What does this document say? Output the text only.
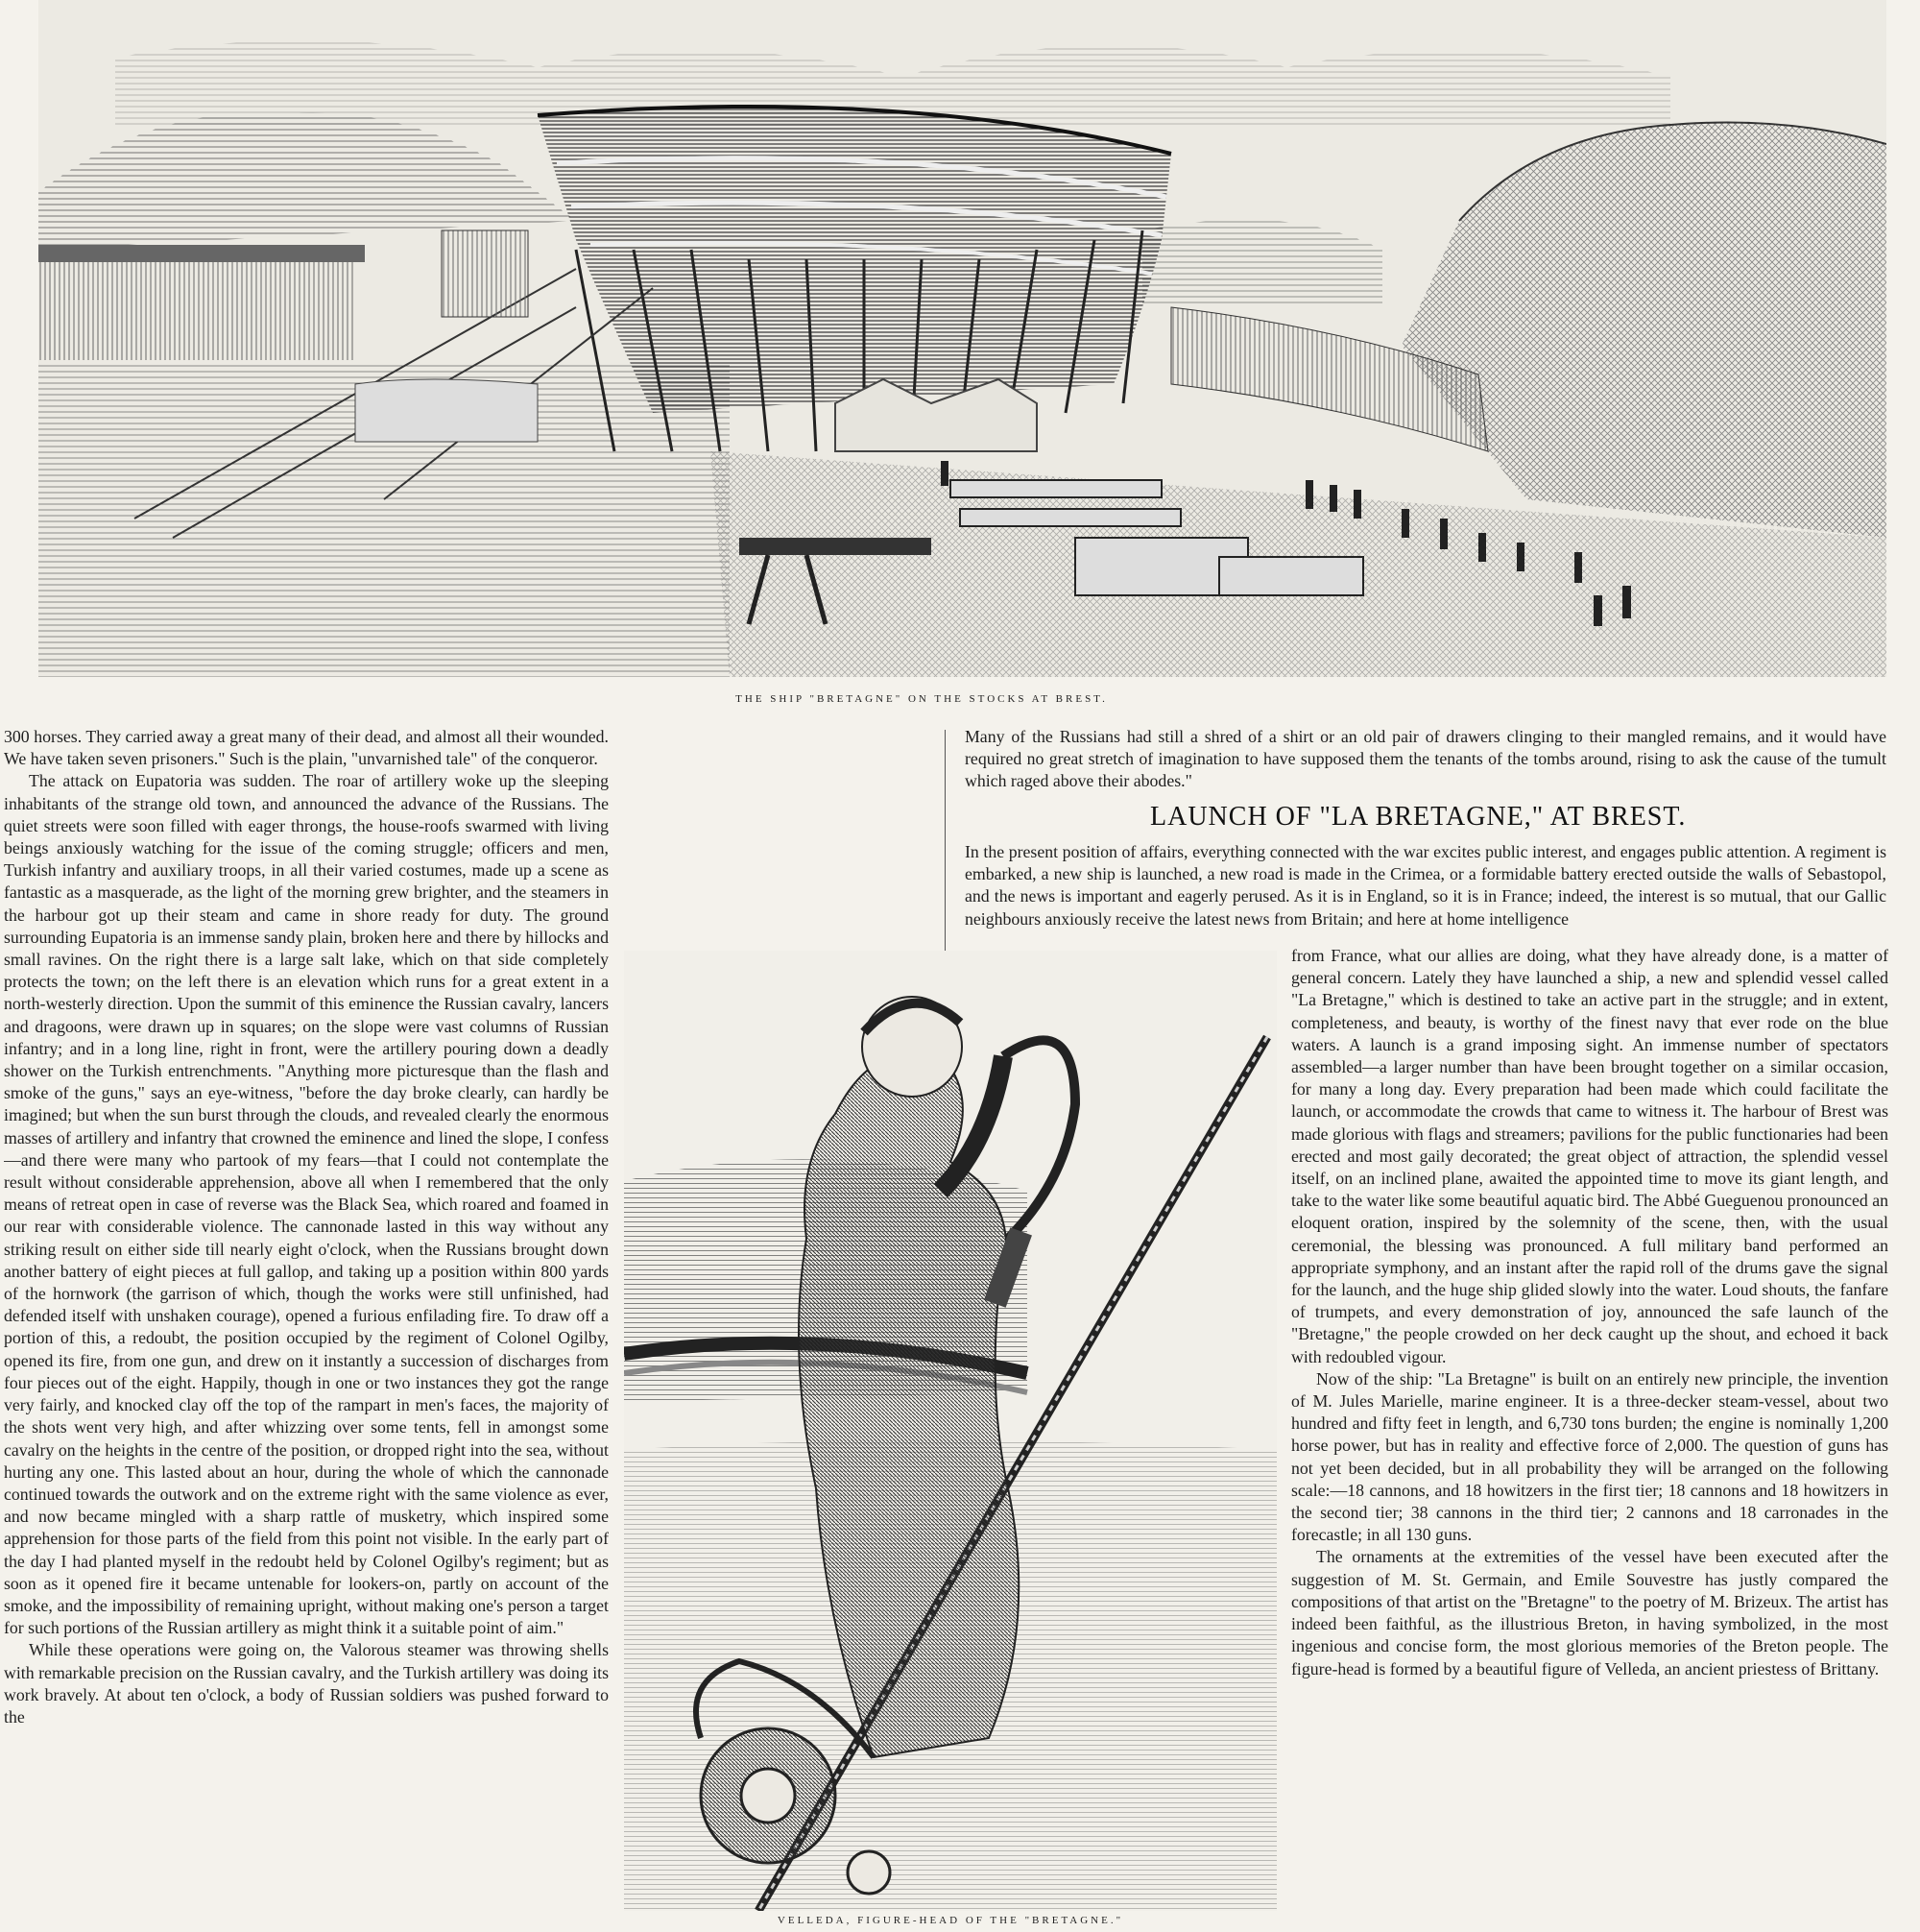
THE SHIP "BRETAGNE" ON THE STOCKS AT BREST.

300 horses. They carried away a great many of their dead, and almost all their wounded. We have taken seven prisoners." Such is the plain, "unvarnished tale" of the conqueror.

The attack on Eupatoria was sudden. The roar of artillery woke up the sleeping inhabitants of the strange old town, and announced the advance of the Russians. The quiet streets were soon filled with eager throngs, the house-roofs swarmed with living beings anxiously watching for the issue of the coming struggle; officers and men, Turkish infantry and auxiliary troops, in all their varied costumes, made up a scene as fantastic as a masquerade, as the light of the morning grew brighter, and the steamers in the harbour got up their steam and came in shore ready for duty. The ground surrounding Eupatoria is an immense sandy plain, broken here and there by hillocks and small ravines. On the right there is a large salt lake, which on that side completely protects the town; on the left there is an elevation which runs for a great extent in a north-westerly direction. Upon the summit of this eminence the Russian cavalry, lancers and dragoons, were drawn up in squares; on the slope were vast columns of Russian infantry; and in a long line, right in front, were the artillery pouring down a deadly shower on the Turkish entrenchments. "Anything more picturesque than the flash and smoke of the guns," says an eye-witness, "before the day broke clearly, can hardly be imagined; but when the sun burst through the clouds, and revealed clearly the enormous masses of artillery and infantry that crowned the eminence and lined the slope, I confess—and there were many who partook of my fears—that I could not contemplate the result without considerable apprehension, above all when I remembered that the only means of retreat open in case of reverse was the Black Sea, which roared and foamed in our rear with considerable violence. The cannonade lasted in this way without any striking result on either side till nearly eight o'clock, when the Russians brought down another battery of eight pieces at full gallop, and taking up a position within 800 yards of the hornwork (the garrison of which, though the works were still unfinished, had defended itself with unshaken courage), opened a furious enfilading fire. To draw off a portion of this, a redoubt, the position occupied by the regiment of Colonel Ogilby, opened its fire, from one gun, and drew on it instantly a succession of discharges from four pieces out of the eight. Happily, though in one or two instances they got the range very fairly, and knocked clay off the top of the rampart in men's faces, the majority of the shots went very high, and after whizzing over some tents, fell in amongst some cavalry on the heights in the centre of the position, or dropped right into the sea, without hurting any one. This lasted about an hour, during the whole of which the cannonade continued towards the outwork and on the extreme right with the same violence as ever, and now became mingled with a sharp rattle of musketry, which inspired some apprehension for those parts of the field from this point not visible. In the early part of the day I had planted myself in the redoubt held by Colonel Ogilby's regiment; but as soon as it opened fire it became untenable for lookers-on, partly on account of the smoke, and the impossibility of remaining upright, without making one's person a target for such portions of the Russian artillery as might think it a suitable point of aim."

While these operations were going on, the Valorous steamer was throwing shells with remarkable precision on the Russian cavalry, and the Turkish artillery was doing its work bravely. At about ten o'clock, a body of Russian soldiers was pushed forward to the

Many of the Russians had still a shred of a shirt or an old pair of drawers clinging to their mangled remains, and it would have required no great stretch of imagination to have supposed them the tenants of the tombs around, rising to ask the cause of the tumult which raged above their abodes."

LAUNCH OF "LA BRETAGNE," AT BREST.

In the present position of affairs, everything connected with the war excites public interest, and engages public attention. A regiment is embarked, a new ship is launched, a new road is made in the Crimea, or a formidable battery erected outside the walls of Sebastopol, and the news is important and eagerly perused. As it is in England, so it is in France; indeed, the interest is so mutual, that our Gallic neighbours anxiously receive the latest news from Britain; and here at home intelligence

VELLEDA, FIGURE-HEAD OF THE "BRETAGNE."

from France, what our allies are doing, what they have already done, is a matter of general concern. Lately they have launched a ship, a new and splendid vessel called "La Bretagne," which is destined to take an active part in the struggle; and in extent, completeness, and beauty, is worthy of the finest navy that ever rode on the blue waters. A launch is a grand imposing sight. An immense number of spectators assembled—a larger number than have been brought together on a similar occasion, for many a long day. Every preparation had been made which could facilitate the launch, or accommodate the crowds that came to witness it. The harbour of Brest was made glorious with flags and streamers; pavilions for the public functionaries had been erected and most gaily decorated; the great object of attraction, the splendid vessel itself, on an inclined plane, awaited the appointed time to move its giant length, and take to the water like some beautiful aquatic bird. The Abbé Gueguenou pronounced an eloquent oration, inspired by the solemnity of the scene, then, with the usual ceremonial, the blessing was pronounced. A full military band performed an appropriate symphony, and an instant after the rapid roll of the drums gave the signal for the launch, and the huge ship glided slowly into the water. Loud shouts, the fanfare of trumpets, and every demonstration of joy, announced the safe launch of the "Bretagne," the people crowded on her deck caught up the shout, and echoed it back with redoubled vigour.

Now of the ship: "La Bretagne" is built on an entirely new principle, the invention of M. Jules Marielle, marine engineer. It is a three-decker steam-vessel, about two hundred and fifty feet in length, and 6,730 tons burden; the engine is nominally 1,200 horse power, but has in reality and effective force of 2,000. The question of guns has not yet been decided, but in all probability they will be arranged on the following scale:—18 cannons, and 18 howitzers in the first tier; 18 cannons and 18 howitzers in the second tier; 38 cannons in the third tier; 2 cannons and 18 carronades in the forecastle; in all 130 guns.

The ornaments at the extremities of the vessel have been executed after the suggestion of M. St. Germain, and Emile Souvestre has justly compared the compositions of that artist on the "Bretagne" to the poetry of M. Brizeux. The artist has indeed been faithful, as the illustrious Breton, in having symbolized, in the most ingenious and concise form, the most glorious memories of the Breton people. The figure-head is formed by a beautiful figure of Velleda, an ancient priestess of Brittany.
